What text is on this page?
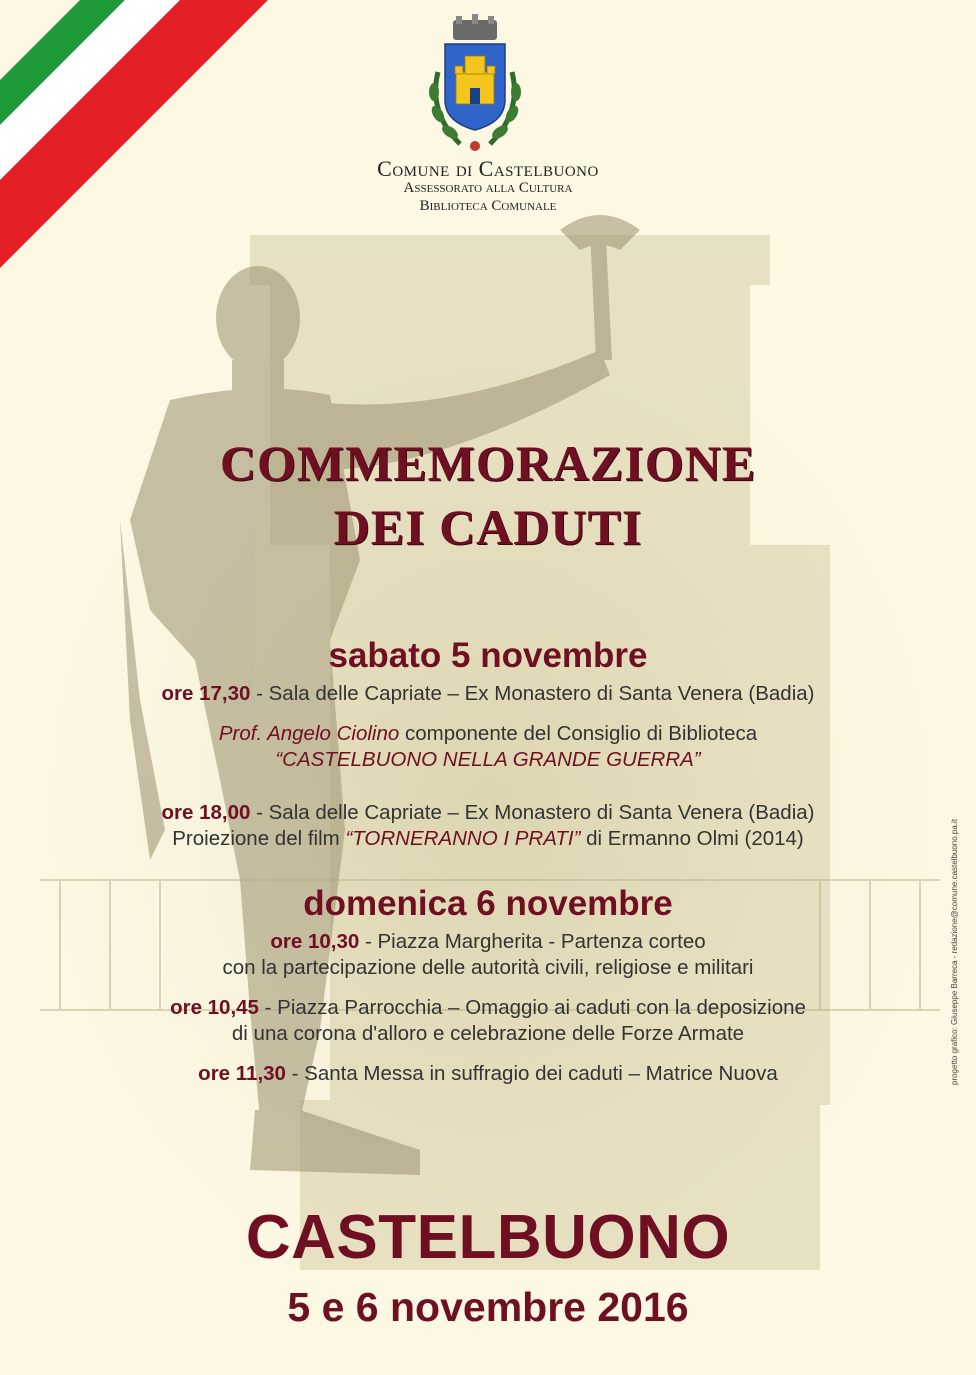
Comune di Castelbuono
Assessorato alla Cultura
Biblioteca Comunale
COMMEMORAZIONE
DEI CADUTI
sabato 5 novembre
ore 17,30 - Sala delle Capriate – Ex Monastero di Santa Venera (Badia)
Prof. Angelo Ciolino componente del Consiglio di Biblioteca
“CASTELBUONO NELLA GRANDE GUERRA”
ore 18,00 - Sala delle Capriate – Ex Monastero di Santa Venera (Badia)
Proiezione del film “TORNERANNO I PRATI” di Ermanno Olmi (2014)
domenica 6 novembre
ore 10,30 - Piazza Margherita - Partenza corteo
con la partecipazione delle autorità civili, religiose e militari
ore 10,45 - Piazza Parrocchia – Omaggio ai caduti con la deposizione
di una corona d'alloro e celebrazione delle Forze Armate
ore 11,30 - Santa Messa in suffragio dei caduti – Matrice Nuova
CASTELBUONO
5 e 6 novembre 2016
progetto grafico: Giuseppe Barreca - redazione@comune.castelbuono.pa.it
